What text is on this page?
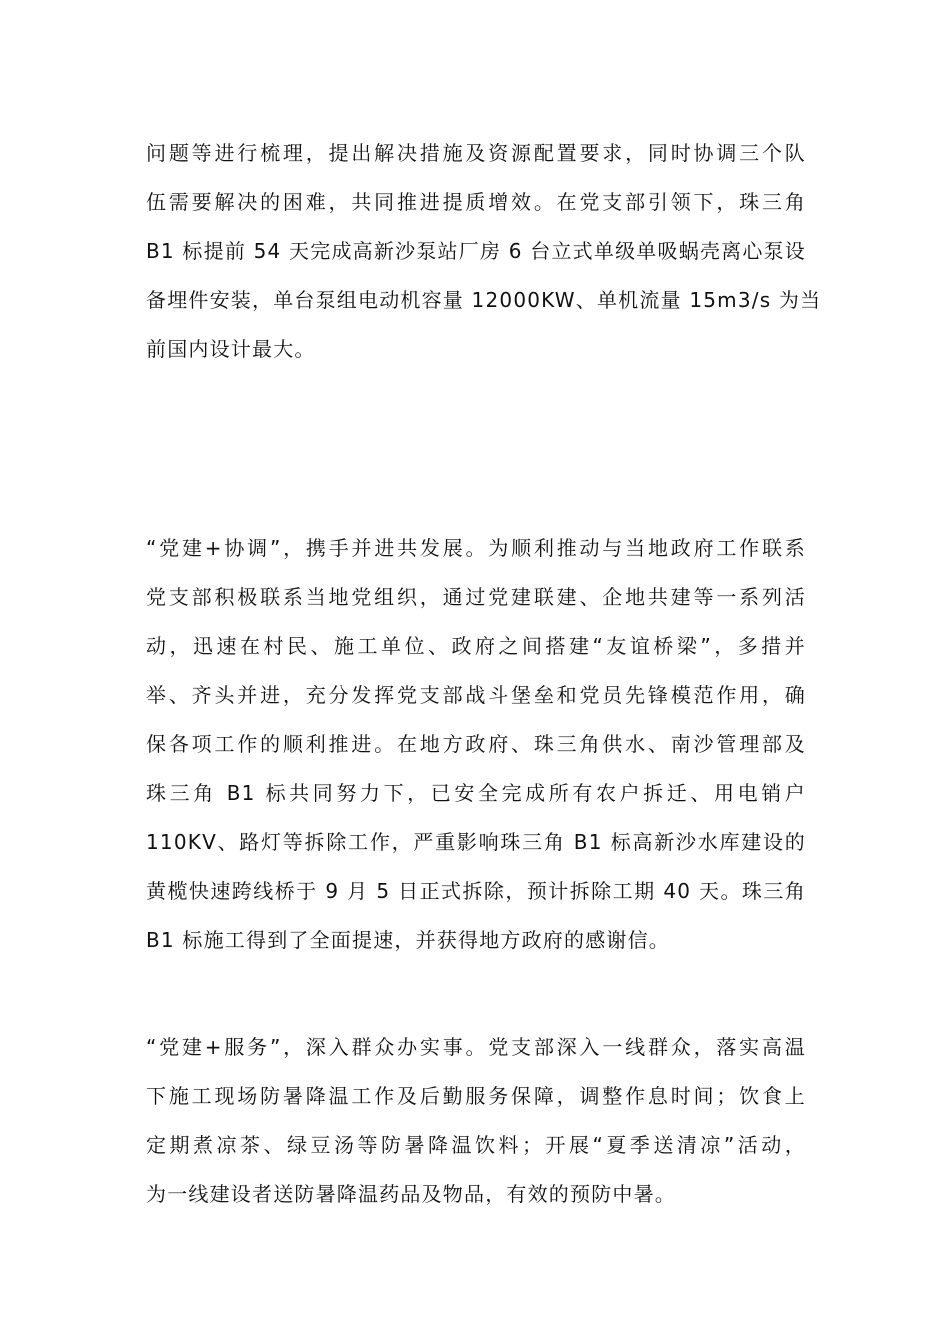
问题等进行梳理，提出解决措施及资源配置要求，同时协调三个队
伍需要解决的困难，共同推进提质增效。在党支部引领下，珠三角
B1 标提前 54 天完成高新沙泵站厂房 6 台立式单级单吸蜗壳离心泵设
备埋件安装，单台泵组电动机容量 12000KW、单机流量 15m3/s 为当
前国内设计最大。
“党建+协调”，携手并进共发展。为顺利推动与当地政府工作联系
党支部积极联系当地党组织，通过党建联建、企地共建等一系列活
动，迅速在村民、施工单位、政府之间搭建“友谊桥梁”，多措并
举、齐头并进，充分发挥党支部战斗堡垒和党员先锋模范作用，确
保各项工作的顺利推进。在地方政府、珠三角供水、南沙管理部及
珠三角 B1 标共同努力下，已安全完成所有农户拆迁、用电销户
110KV、路灯等拆除工作，严重影响珠三角 B1 标高新沙水库建设的
黄榄快速跨线桥于 9 月 5 日正式拆除，预计拆除工期 40 天。珠三角
B1 标施工得到了全面提速，并获得地方政府的感谢信。
“党建+服务”，深入群众办实事。党支部深入一线群众，落实高温
下施工现场防暑降温工作及后勤服务保障，调整作息时间；饮食上
定期煮凉茶、绿豆汤等防暑降温饮料；开展“夏季送清凉”活动，
为一线建设者送防暑降温药品及物品，有效的预防中暑。
